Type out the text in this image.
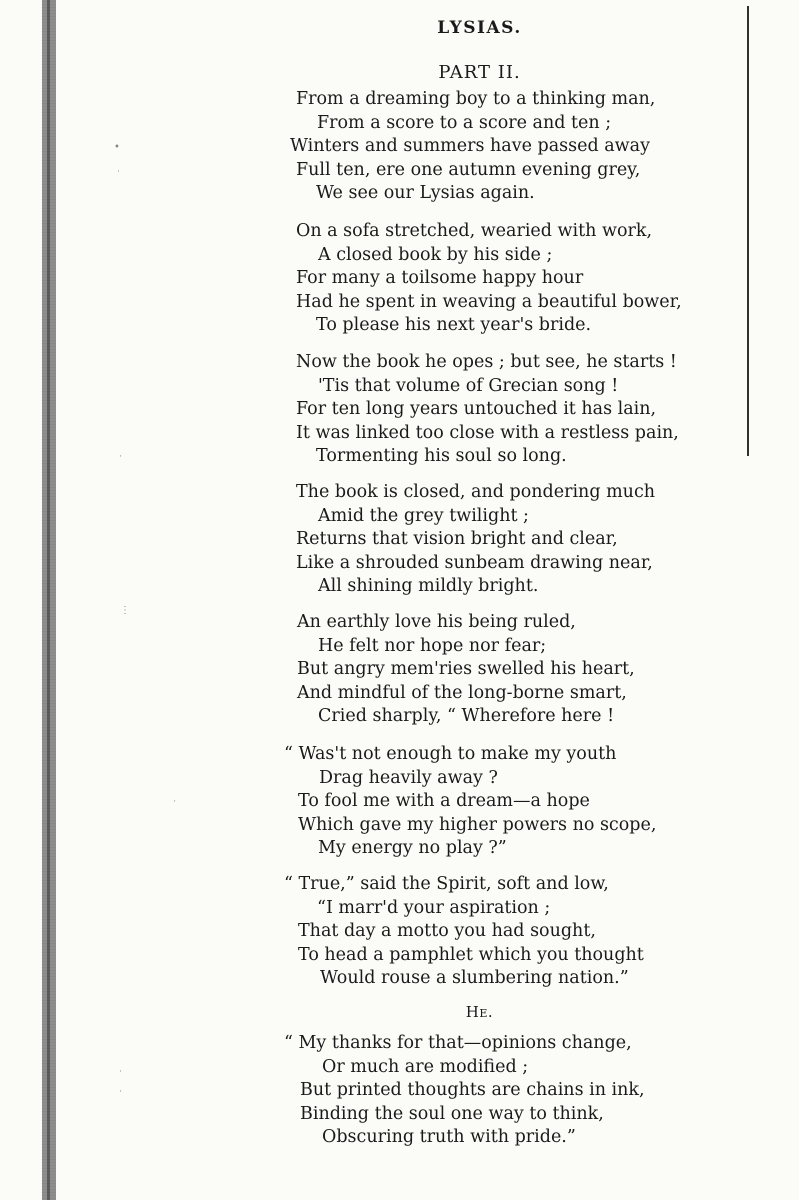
LYSIAS.
PART II.
From a dreaming boy to a thinking man,
From a score to a score and ten ;
Winters and summers have passed away
Full ten, ere one autumn evening grey,
We see our Lysias again.
On a sofa stretched, wearied with work,
A closed book by his side ;
For many a toilsome happy hour
Had he spent in weaving a beautiful bower,
To please his next year's bride.
Now the book he opes ; but see, he starts !
'Tis that volume of Grecian song !
For ten long years untouched it has lain,
It was linked too close with a restless pain,
Tormenting his soul so long.
The book is closed, and pondering much
Amid the grey twilight ;
Returns that vision bright and clear,
Like a shrouded sunbeam drawing near,
All shining mildly bright.
An earthly love his being ruled,
He felt nor hope nor fear;
But angry mem'ries swelled his heart,
And mindful of the long-borne smart,
Cried sharply, “ Wherefore here !
“ Was't not enough to make my youth
Drag heavily away ?
To fool me with a dream—a hope
Which gave my higher powers no scope,
My energy no play ?”
“ True,” said the Spirit, soft and low,
“I marr'd your aspiration ;
That day a motto you had sought,
To head a pamphlet which you thought
Would rouse a slumbering nation.”
He.
“ My thanks for that—opinions change,
Or much are modified ;
But printed thoughts are chains in ink,
Binding the soul one way to think,
Obscuring truth with pride.”
•
˙
˙
⋮
˙
˙
˙
